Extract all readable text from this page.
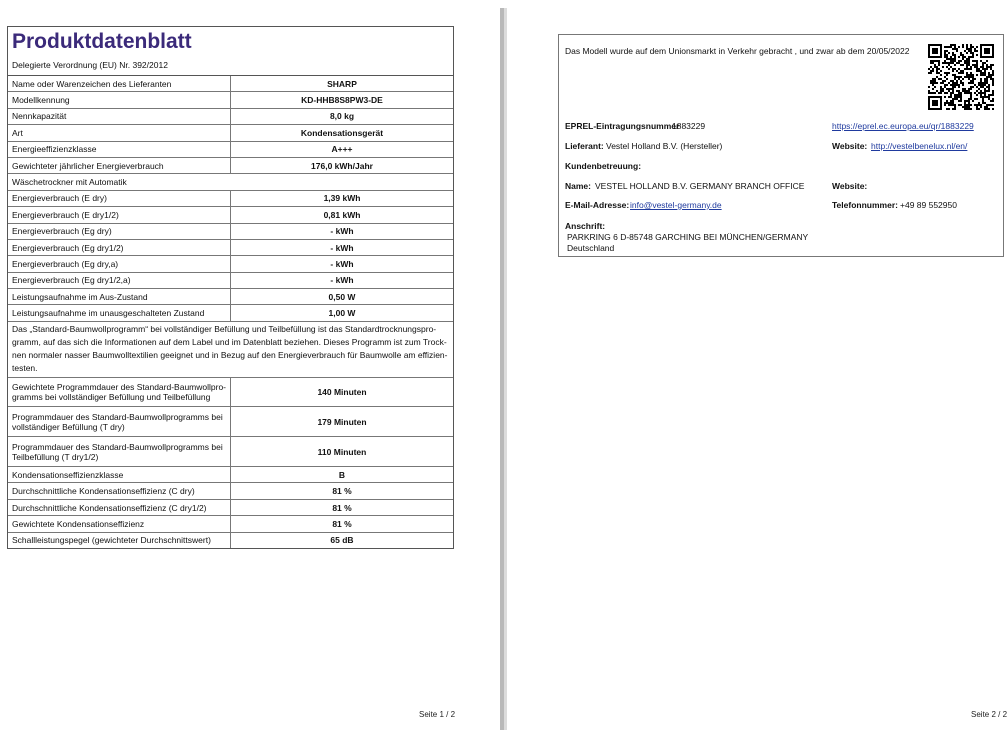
Produktdatenblatt
Delegierte Verordnung (EU) Nr. 392/2012
Name oder Warenzeichen des Lieferanten	SHARP
Modellkennung	KD-HHB8S8PW3-DE
Nennkapazität	8,0 kg
Art	Kondensationsgerät
Energieeffizienzklasse	A+++
Gewichteter jährlicher Energieverbrauch	176,0 kWh/Jahr
Wäschetrockner mit Automatik	
Energieverbrauch (E dry)	1,39 kWh
Energieverbrauch (E dry1/2)	0,81 kWh
Energieverbrauch (Eg dry)	- kWh
Energieverbrauch (Eg dry1/2)	- kWh
Energieverbrauch (Eg dry,a)	- kWh
Energieverbrauch (Eg dry1/2,a)	- kWh
Leistungsaufnahme im Aus-Zustand	0,50 W
Leistungsaufnahme im unausgeschalteten Zustand	1,00 W
Das „Standard-Baumwollprogramm“ bei vollständiger Befüllung und Teilbefüllung ist das Standardtrocknungspro-gramm, auf das sich die Informationen auf dem Label und im Datenblatt beziehen. Dieses Programm ist zum Trock-nen normaler nasser Baumwolltextilien geeignet und in Bezug auf den Energieverbrauch für Baumwolle am effizien-testen.	
Gewichtete Programmdauer des Standard-Baumwollpro-gramms bei vollständiger Befüllung und Teilbefüllung	140 Minuten
Programmdauer des Standard-Baumwollprogramms bei vollständiger Befüllung (T dry)	179 Minuten
Programmdauer des Standard-Baumwollprogramms bei Teilbefüllung (T dry1/2)	110 Minuten
Kondensationseffizienzklasse	B
Durchschnittliche Kondensationseffizienz (C dry)	81 %
Durchschnittliche Kondensationseffizienz (C dry1/2)	81 %
Gewichtete Kondensationseffizienz	81 %
Schallleistungspegel (gewichteter Durchschnittswert)	65 dB
Seite 1 / 2
Das Modell wurde auf dem Unionsmarkt in Verkehr gebracht , und zwar ab dem 20/05/2022
EPREL-Eintragungsnummer
1883229	https://eprel.ec.europa.eu/qr/1883229
Lieferant: Vestel Holland B.V. (Hersteller)	Website: http://vestelbenelux.nl/en/
Kundenbetreuung:
Name: VESTEL HOLLAND B.V. GERMANY BRANCH OFFICE	Website:
E-Mail-Adresse: info@vestel-germany.de	Telefonnummer: +49 89 552950
Anschrift:
PARKRING 6 D-85748 GARCHING BEI MÜNCHEN/GERMANY
Deutschland
Seite 2 / 2
